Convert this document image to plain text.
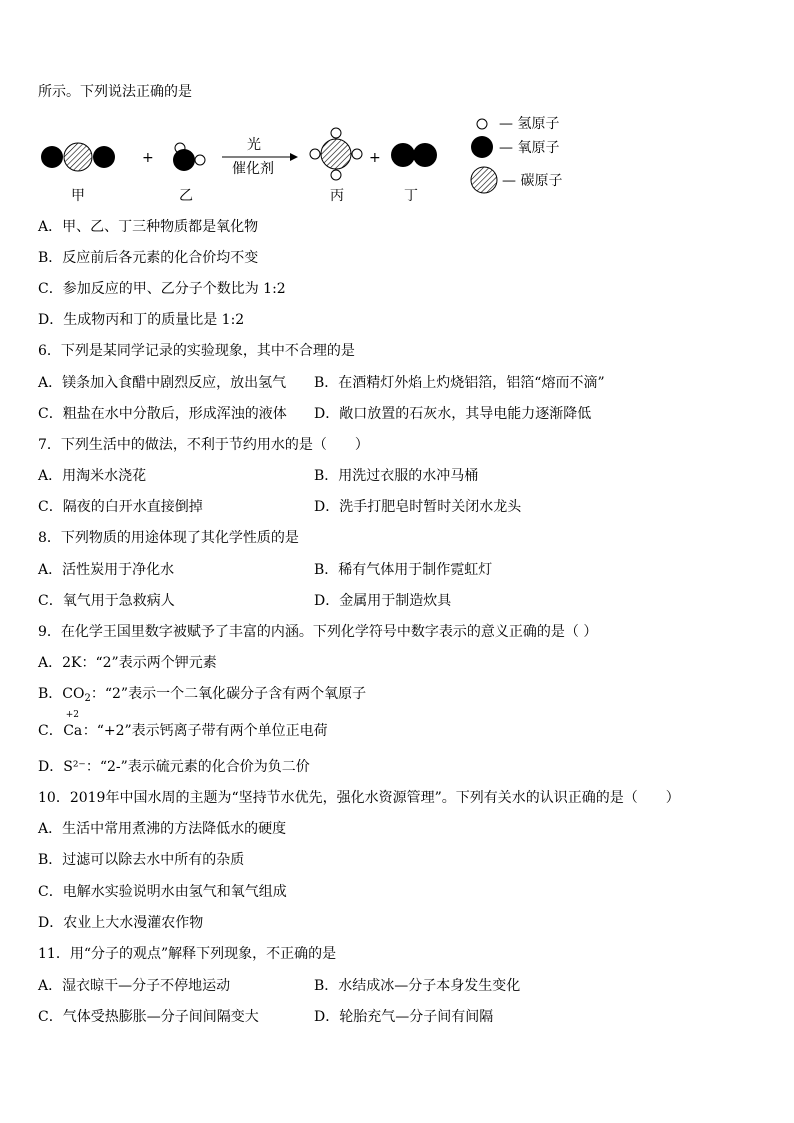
所示。下列说法正确的是
+	+
光
催化剂
甲	乙	丙	丁
— 氢原子
— 氧原子
— 碳原子
A．甲、乙、丁三种物质都是氧化物
B．反应前后各元素的化合价均不变
C．参加反应的甲、乙分子个数比为 1:2
D．生成物丙和丁的质量比是 1:2
6．下列是某同学记录的实验现象，其中不合理的是
A．镁条加入食醋中剧烈反应，放出氢气 B．在酒精灯外焰上灼烧铝箔，铝箔“熔而不滴”
C．粗盐在水中分散后，形成浑浊的液体 D．敞口放置的石灰水，其导电能力逐渐降低
7．下列生活中的做法，不利于节约用水的是（　　）
A．用淘米水浇花	B．用洗过衣服的水冲马桶
C．隔夜的白开水直接倒掉	D．洗手打肥皂时暂时关闭水龙头
8．下列物质的用途体现了其化学性质的是
A．活性炭用于净化水	B．稀有气体用于制作霓虹灯
C．氧气用于急救病人	D．金属用于制造炊具
9．在化学王国里数字被赋予了丰富的内涵。下列化学符号中数字表示的意义正确的是（ ）
A．2K：“2”表示两个钾元素
B．$CO_2$：“2”表示一个二氧化碳分子含有两个氧原子
C．
+2
Ca：“+2”表示钙离子带有两个单位正电荷
D．S²⁻：“2-”表示硫元素的化合价为负二价
10．2019年中国水周的主题为“坚持节水优先，强化水资源管理”。下列有关水的认识正确的是（　　）
A．生活中常用煮沸的方法降低水的硬度
B．过滤可以除去水中所有的杂质
C．电解水实验说明水由氢气和氧气组成
D．农业上大水漫灌农作物
11．用“分子的观点”解释下列现象，不正确的是
A．湿衣晾干—分子不停地运动	B．水结成冰—分子本身发生变化
C．气体受热膨胀—分子间间隔变大	D．轮胎充气—分子间有间隔
